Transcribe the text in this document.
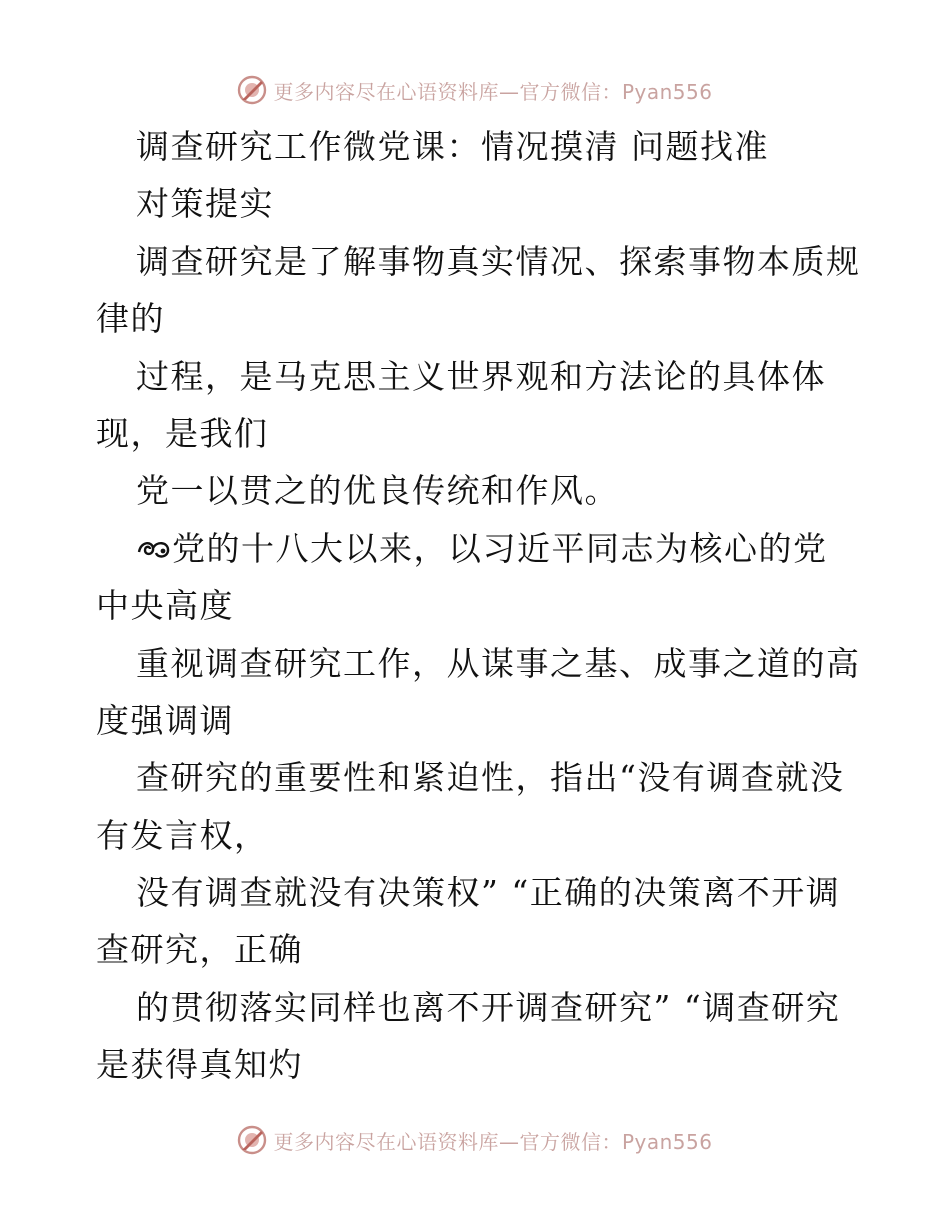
更多内容尽在心语资料库—官方微信：Pyan556
调查研究工作微党课：情况摸清 问题找准
对策提实
调查研究是了解事物真实情况、探索事物本质规
律的
过程，是马克思主义世界观和方法论的具体体
现，是我们
党一以贯之的优良传统和作风。
党的十八大以来，以习近平同志为核心的党
中央高度
重视调查研究工作，从谋事之基、成事之道的高
度强调调
查研究的重要性和紧迫性，指出“没有调查就没
有发言权，
没有调查就没有决策权” “正确的决策离不开调
查研究，正确
的贯彻落实同样也离不开调查研究” “调查研究
是获得真知灼
更多内容尽在心语资料库—官方微信：Pyan556
